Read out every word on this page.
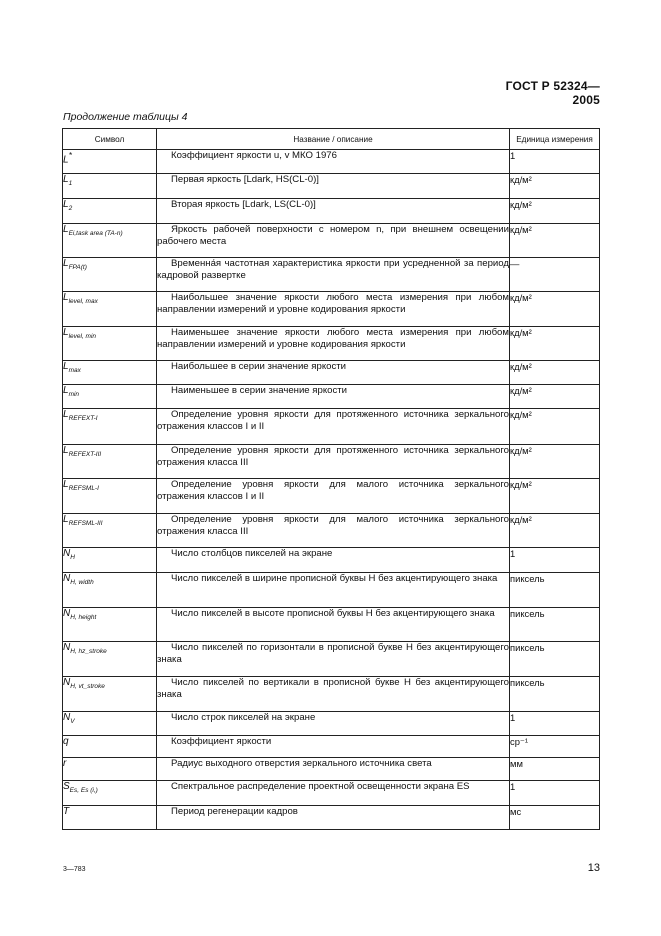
ГОСТ Р 52324—2005
Продолжение таблицы 4
Символ	Название / описание	Единица измерения
L*	Коэффициент яркости u, v МКО 1976	1
$L_1$	Первая яркость [Ldark, HS(CL-0)]	кд/м²
$L_2$	Вторая яркость [Ldark, LS(CL-0)]	кд/м²
$L_{Ei,task area (TA-n)}$	Яркость рабочей поверхности с номером n, при внешнем освещении рабочего места	кд/м²
$L_{FPA(t)}$	Временна́я частотная характеристика яркости при усредненной за период кадровой развертке	—
$L_{level, max}$	Наибольшее значение яркости любого места измерения при любом направлении измерений и уровне кодирования яркости	кд/м²
$L_{level, min}$	Наименьшее значение яркости любого места измерения при любом направлении измерений и уровне кодирования яркости	кд/м²
$L_{max}$	Наибольшее в серии значение яркости	кд/м²
$L_{min}$	Наименьшее в серии значение яркости	кд/м²
$L_{REFEXT-I}$	Определение уровня яркости для протяженного источника зеркального отражения классов I и II	кд/м²
$L_{REFEXT-III}$	Определение уровня яркости для протяженного источника зеркального отражения класса III	кд/м²
$L_{REFSML-I}$	Определение уровня яркости для малого источника зеркального отражения классов I и II	кд/м²
$L_{REFSML-III}$	Определение уровня яркости для малого источника зеркального отражения класса III	кд/м²
$N_H$	Число столбцов пикселей на экране	1
$N_{H, width}$	Число пикселей в ширине прописной буквы Н без акцентирующего знака	пиксель
$N_{H, height}$	Число пикселей в высоте прописной буквы Н без акцентирующего знака	пиксель
$N_{H, hz\_stroke}$	Число пикселей по горизонтали в прописной букве Н без акцентирующего знака	пиксель
$N_{H, vt\_stroke}$	Число пикселей по вертикали в прописной букве Н без акцентирующего знака	пиксель
$N_V$	Число строк пикселей на экране	1
q	Коэффициент яркости	ср⁻¹
r	Радиус выходного отверстия зеркального источника света	мм
$S_{Es, Es (i,)}$	Спектральное распределение проектной освещенности экрана ES	1
T	Период регенерации кадров	мс
3—783	13
